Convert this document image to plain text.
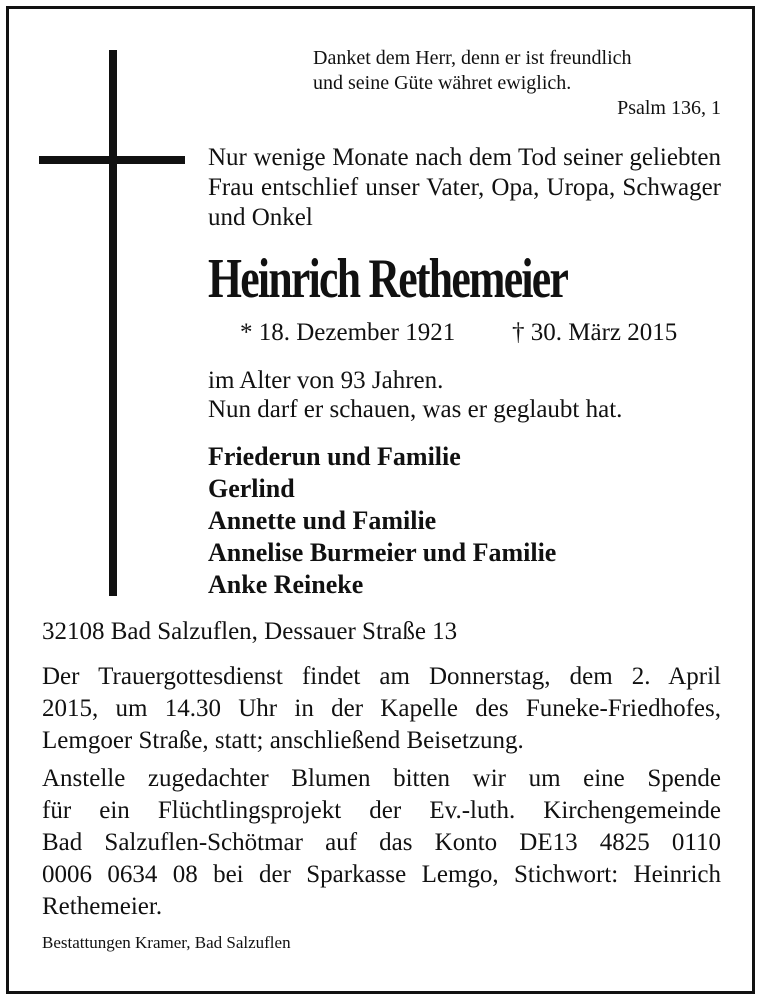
Danket dem Herr, denn er ist freundlich
und seine Güte währet ewiglich.
Psalm 136, 1
Nur wenige Monate nach dem Tod seiner geliebten Frau entschlief unser Vater, Opa, Uropa, Schwager und Onkel
Heinrich Rethemeier
* 18. Dezember 1921 † 30. März 2015
im Alter von 93 Jahren.
Nun darf er schauen, was er geglaubt hat.
Friederun und Familie
Gerlind
Annette und Familie
Annelise Burmeier und Familie
Anke Reineke
32108 Bad Salzuflen, Dessauer Straße 13
Der Trauergottesdienst findet am Donnerstag, dem 2. April
2015, um 14.30 Uhr in der Kapelle des Funeke-Friedhofes,
Lemgoer Straße, statt; anschließend Beisetzung.
Anstelle zugedachter Blumen bitten wir um eine Spende
für ein Flüchtlingsprojekt der Ev.-luth. Kirchengemeinde
Bad Salzuflen-Schötmar auf das Konto DE13 4825 0110
0006 0634 08 bei der Sparkasse Lemgo, Stichwort: Heinrich
Rethemeier.
Bestattungen Kramer, Bad Salzuflen
